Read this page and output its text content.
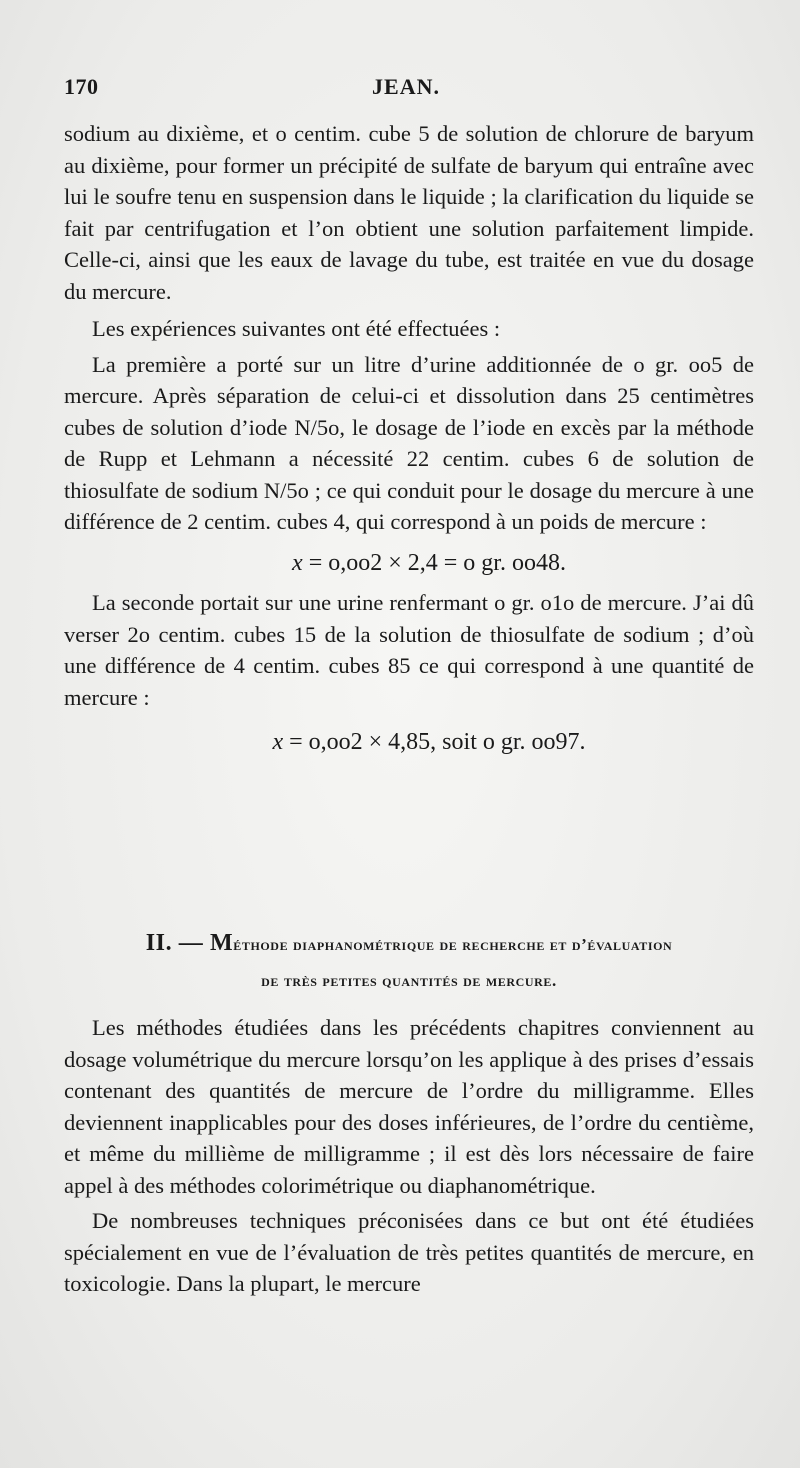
170	JEAN.

sodium au dixième, et o centim. cube 5 de solution de chlorure de baryum au dixième, pour former un précipité de sulfate de baryum qui entraîne avec lui le soufre tenu en suspension dans le liquide ; la clarification du liquide se fait par centrifugation et l’on obtient une solution parfaitement limpide. Celle-ci, ainsi que les eaux de lavage du tube, est traitée en vue du dosage du mercure.

Les expériences suivantes ont été effectuées :

La première a porté sur un litre d’urine additionnée de o gr. oo5 de mercure. Après séparation de celui-ci et dissolution dans 25 centimètres cubes de solution d’iode N/5o, le dosage de l’iode en excès par la méthode de Rupp et Lehmann a nécessité 22 centim. cubes 6 de solution de thiosulfate de sodium N/5o ; ce qui conduit pour le dosage du mercure à une différence de 2 centim. cubes 4, qui correspond à un poids de mercure :

x = o,oo2 × 2,4 = o gr. oo48.

La seconde portait sur une urine renfermant o gr. o1o de mercure. J’ai dû verser 2o centim. cubes 15 de la solution de thiosulfate de sodium ; d’où une différence de 4 centim. cubes 85 ce qui correspond à une quantité de mercure :

x = o,oo2 × 4,85, soit o gr. oo97.

II. — Méthode diaphanométrique de recherche et d’évaluation
de très petites quantités de mercure.

Les méthodes étudiées dans les précédents chapitres conviennent au dosage volumétrique du mercure lorsqu’on les applique à des prises d’essais contenant des quantités de mercure de l’ordre du milligramme. Elles deviennent inapplicables pour des doses inférieures, de l’ordre du centième, et même du millième de milligramme ; il est dès lors nécessaire de faire appel à des méthodes colorimétrique ou diaphanométrique.

De nombreuses techniques préconisées dans ce but ont été étudiées spécialement en vue de l’évaluation de très petites quantités de mercure, en toxicologie. Dans la plupart, le mercure
